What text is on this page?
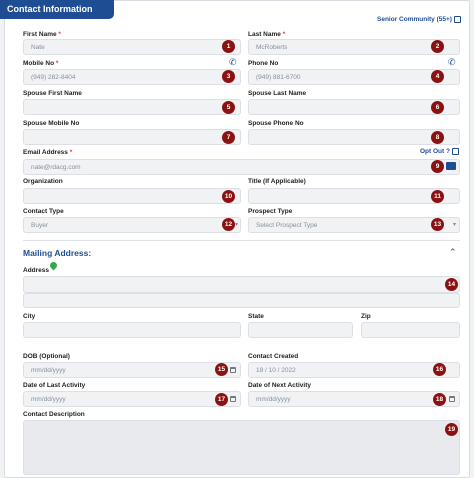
Contact Information
Senior Community (55+)
First Name *
Nate	1
Last Name *
McRoberts	2
Mobile No *	✆
(949) 282-8404	3
Phone No	✆
(949) 881-6700	4
Spouse First Name
5
Spouse Last Name
6
Spouse Mobile No
7
Spouse Phone No
8
Email Address *	Opt Out ?
nate@rdacg.com	9
Organization
10
Title (If Applicable)
11
Contact Type
Buyer	12 ▾
Prospect Type
Select Prospect Type	13	▾
Mailing Address:	⌃
Address
14
City	State	Zip
DOB (Optional)
mm/dd/yyyy	15
Contact Created
18 / 10 / 2022	16
Date of Last Activity
mm/dd/yyyy	17
Date of Next Activity
mm/dd/yyyy	18
Contact Description
19
